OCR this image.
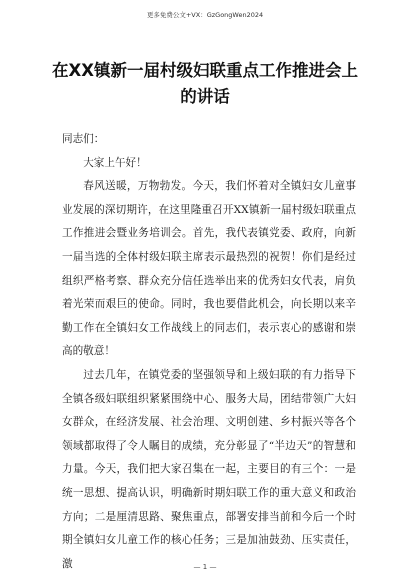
更多免费公文+VX：GzGongWen2024
在XX镇新一届村级妇联重点工作推进会上的讲话

同志们：

大家上午好！

春风送暖，万物勃发。今天，我们怀着对全镇妇女儿童事业发展的深切期许，在这里隆重召开XX镇新一届村级妇联重点工作推进会暨业务培训会。首先，我代表镇党委、政府，向新一届当选的全体村级妇联主席表示最热烈的祝贺！你们是经过组织严格考察、群众充分信任选举出来的优秀妇女代表，肩负着光荣而艰巨的使命。同时，我也要借此机会，向长期以来辛勤工作在全镇妇女工作战线上的同志们，表示衷心的感谢和崇高的敬意！

过去几年，在镇党委的坚强领导和上级妇联的有力指导下全镇各级妇联组织紧紧围绕中心、服务大局，团结带领广大妇女群众，在经济发展、社会治理、文明创建、乡村振兴等各个领域都取得了令人瞩目的成绩，充分彰显了“半边天”的智慧和力量。今天，我们把大家召集在一起，主要目的有三个：一是统一思想、提高认识，明确新时期妇联工作的重大意义和政治方向；二是厘清思路、聚焦重点，部署安排当前和今后一个时期全镇妇女儿童工作的核心任务；三是加油鼓劲、压实责任，激	— 1 —
